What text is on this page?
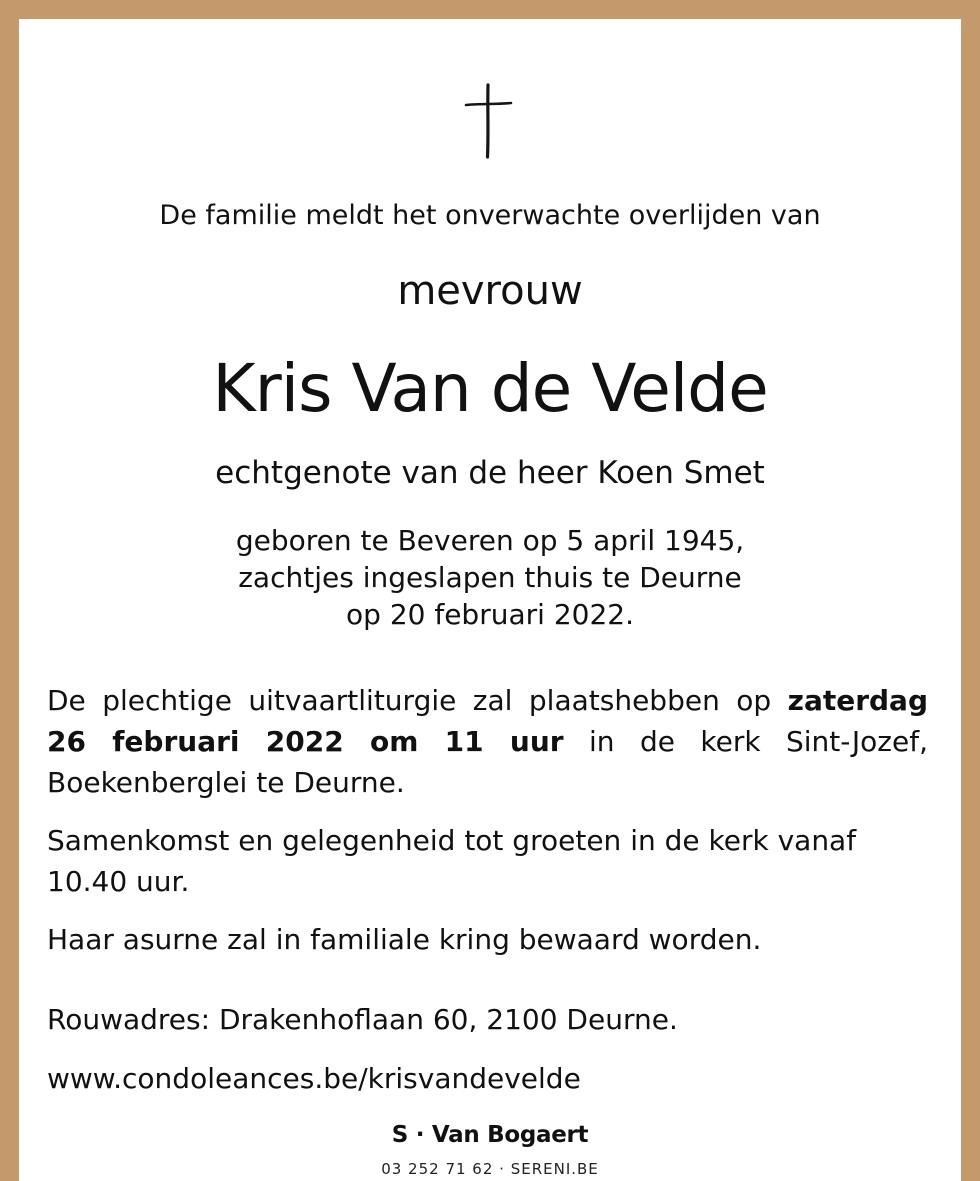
De familie meldt het onverwachte overlijden van
mevrouw
Kris Van de Velde
echtgenote van de heer Koen Smet
geboren te Beveren op 5 april 1945,
zachtjes ingeslapen thuis te Deurne
op 20 februari 2022.
De plechtige uitvaartliturgie zal plaatshebben op zaterdag 26 februari 2022 om 11 uur in de kerk Sint-Jozef, Boekenberglei te Deurne.
Samenkomst en gelegenheid tot groeten in de kerk vanaf 10.40 uur.
Haar asurne zal in familiale kring bewaard worden.
Rouwadres: Drakenhoflaan 60, 2100 Deurne.
www.condoleances.be/krisvandevelde
S · Van Bogaert
03 252 71 62 · SERENI.BE
